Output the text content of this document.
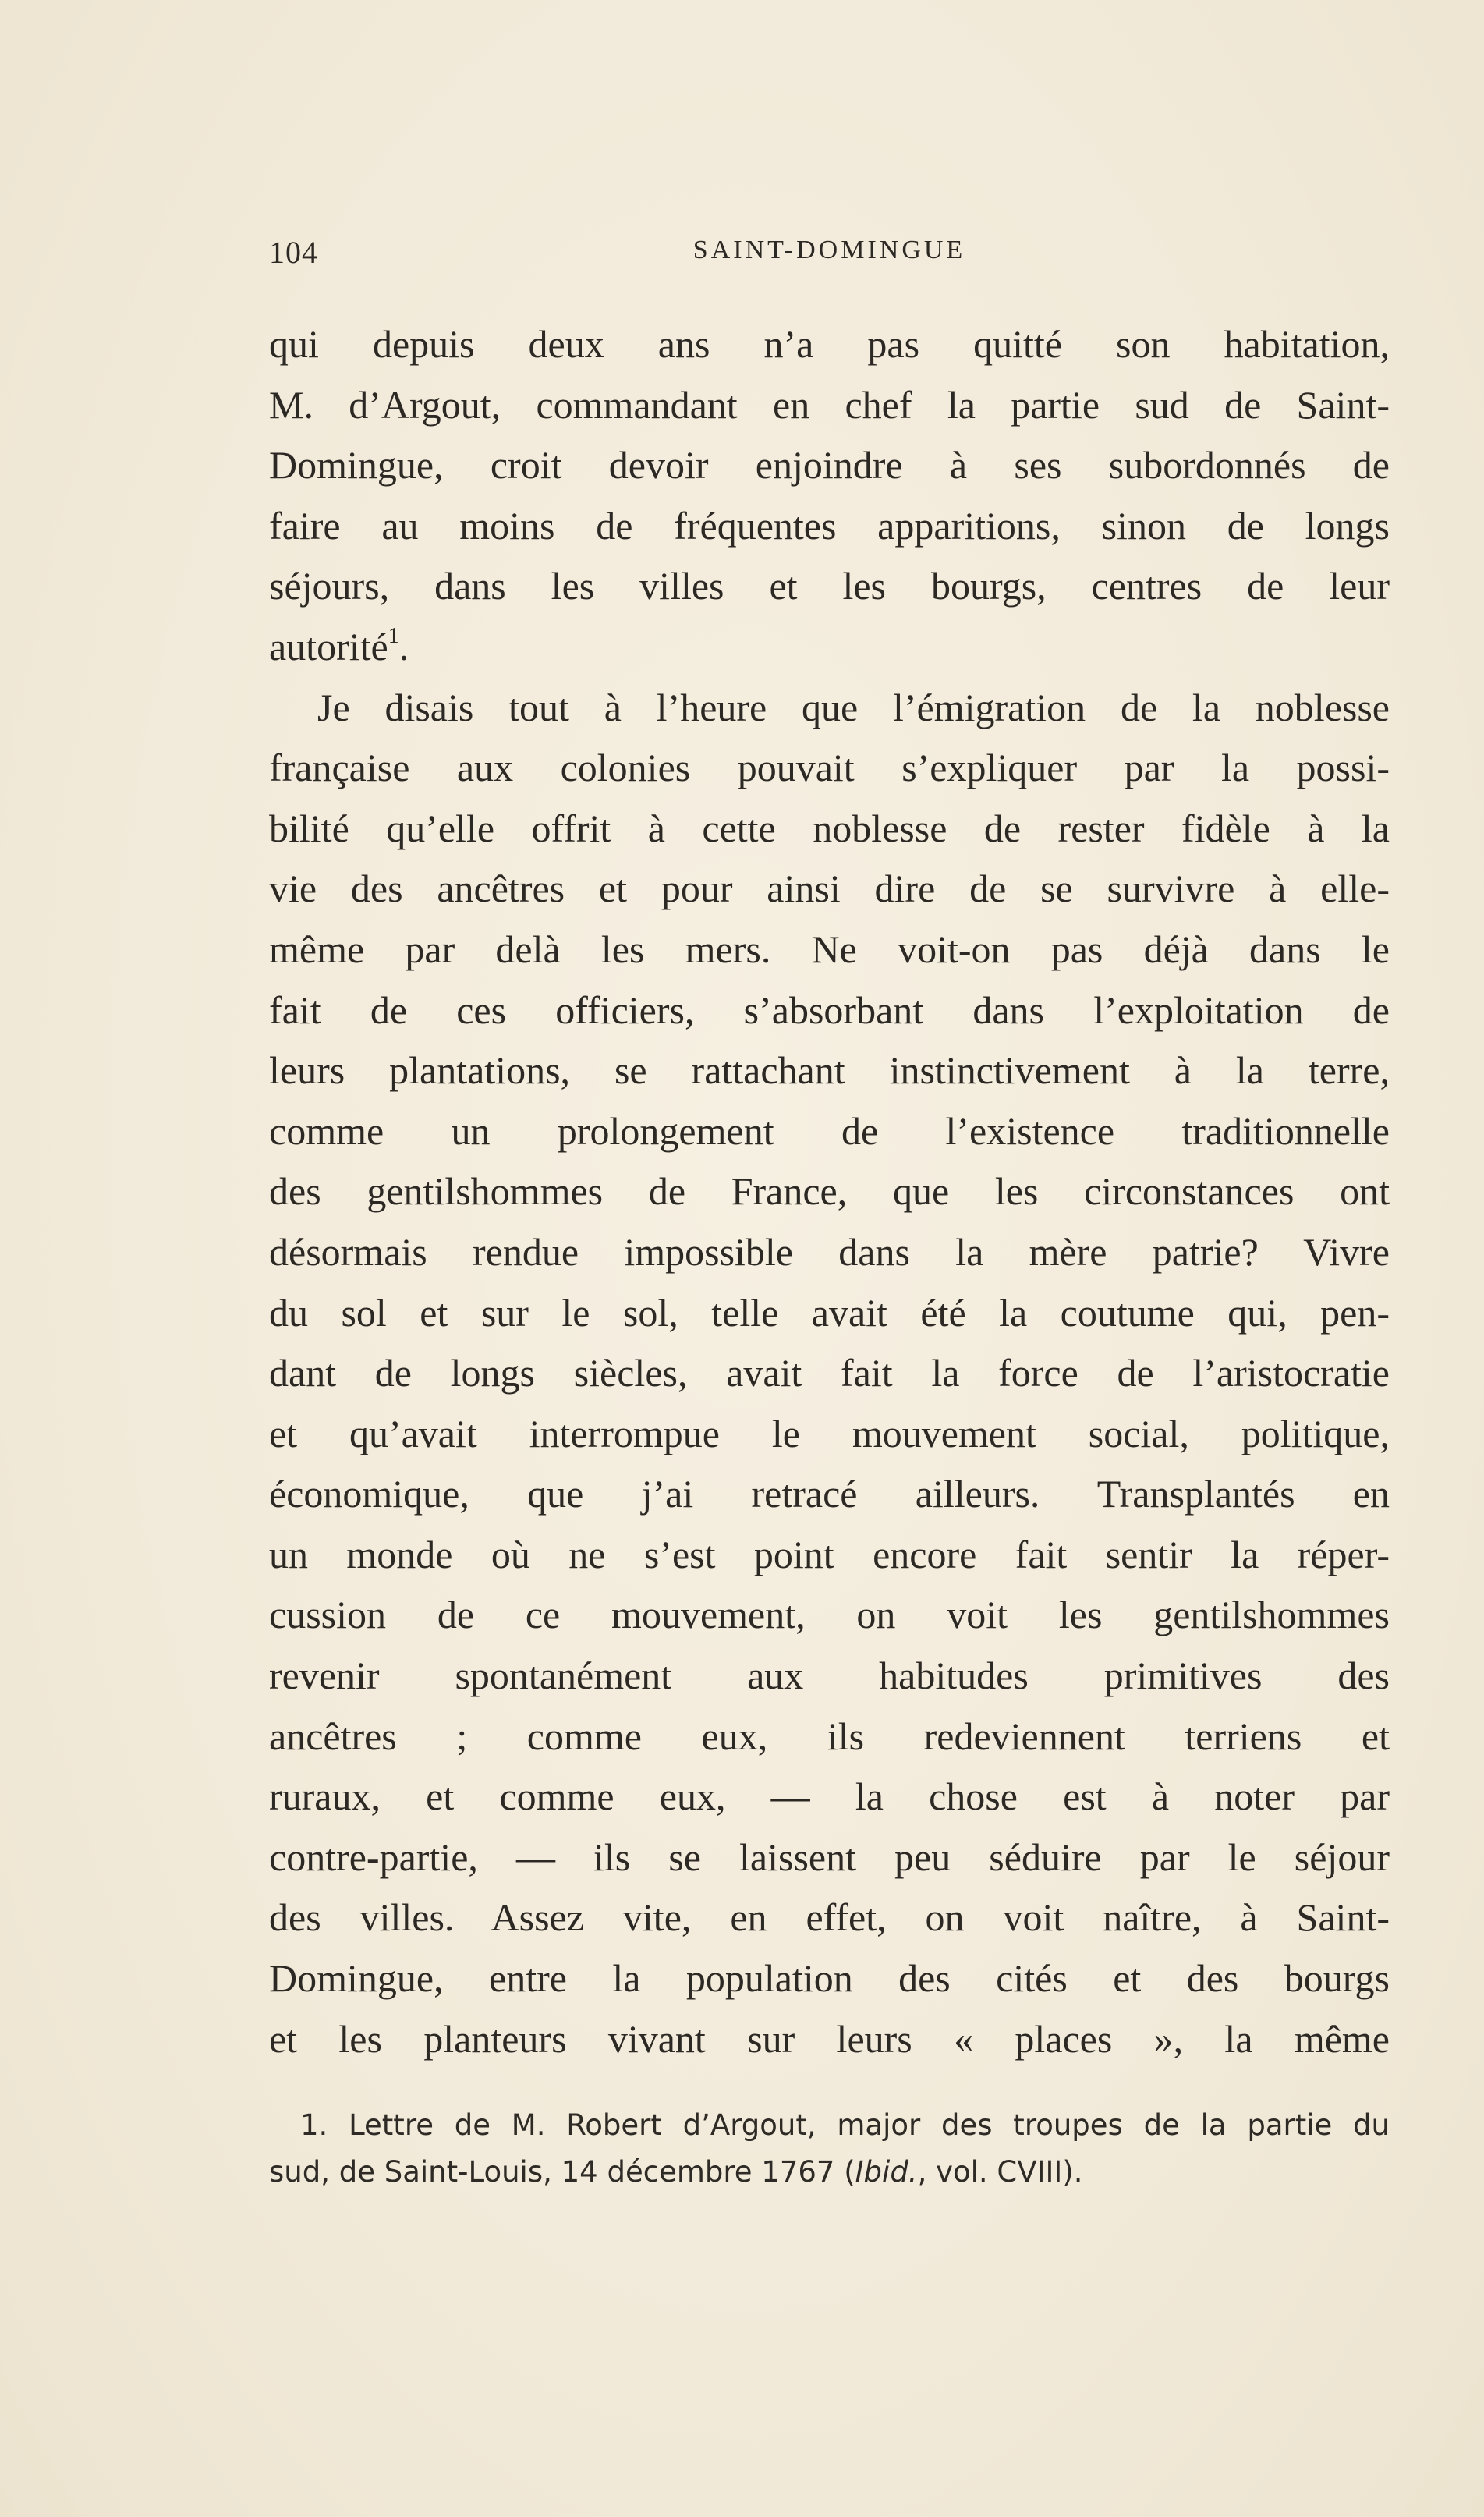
104	SAINT-DOMINGUE
qui depuis deux ans n’a pas quitté son habitation,
M. d’Argout, commandant en chef la partie sud de Saint-
Domingue, croit devoir enjoindre à ses subordonnés de
faire au moins de fréquentes apparitions, sinon de longs
séjours, dans les villes et les bourgs, centres de leur
autorité$^1$.
Je disais tout à l’heure que l’émigration de la noblesse
française aux colonies pouvait s’expliquer par la possi-
bilité qu’elle offrit à cette noblesse de rester fidèle à la
vie des ancêtres et pour ainsi dire de se survivre à elle-
même par delà les mers. Ne voit-on pas déjà dans le
fait de ces officiers, s’absorbant dans l’exploitation de
leurs plantations, se rattachant instinctivement à la terre,
comme un prolongement de l’existence traditionnelle
des gentilshommes de France, que les circonstances ont
désormais rendue impossible dans la mère patrie? Vivre
du sol et sur le sol, telle avait été la coutume qui, pen-
dant de longs siècles, avait fait la force de l’aristocratie
et qu’avait interrompue le mouvement social, politique,
économique, que j’ai retracé ailleurs. Transplantés en
un monde où ne s’est point encore fait sentir la réper-
cussion de ce mouvement, on voit les gentilshommes
revenir spontanément aux habitudes primitives des
ancêtres ; comme eux, ils redeviennent terriens et
ruraux, et comme eux, — la chose est à noter par
contre-partie, — ils se laissent peu séduire par le séjour
des villes. Assez vite, en effet, on voit naître, à Saint-
Domingue, entre la population des cités et des bourgs
et les planteurs vivant sur leurs « places », la même
1. Lettre de M. Robert d’Argout, major des troupes de la partie du
sud, de Saint-Louis, 14 décembre 1767 (Ibid., vol. CVIII).
